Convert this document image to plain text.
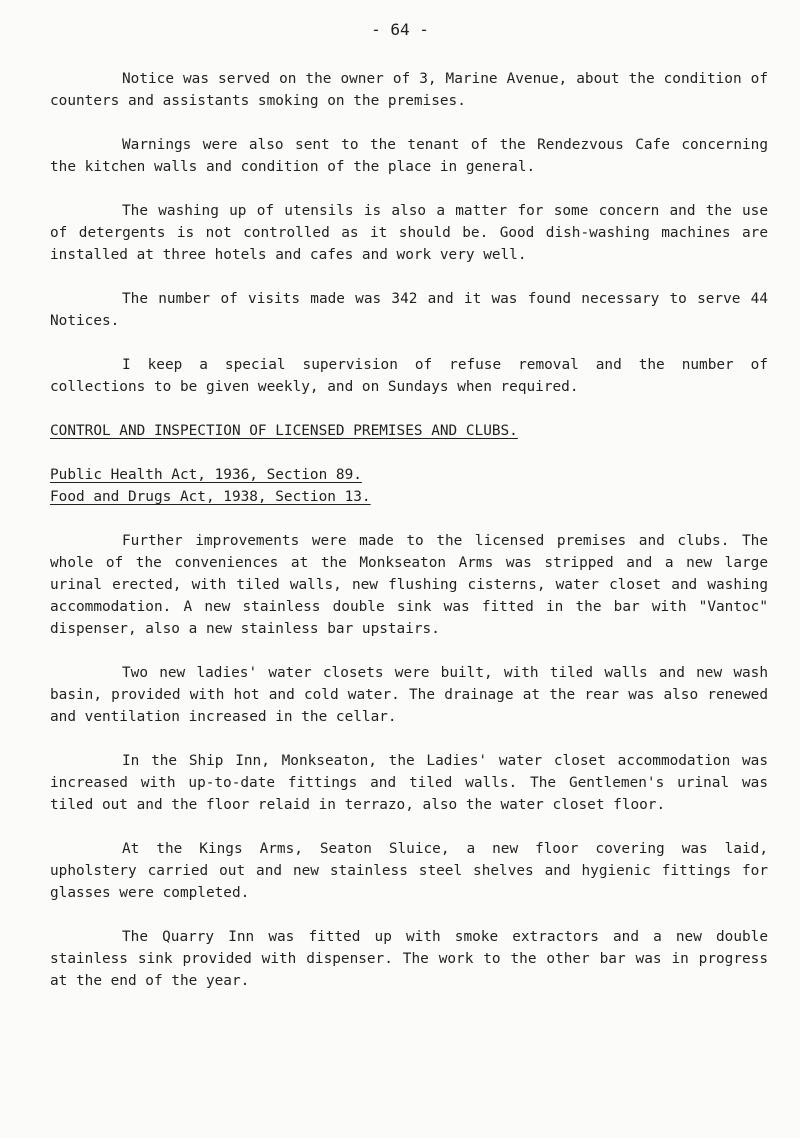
- 64 -

Notice was served on the owner of 3, Marine Avenue, about the condition of counters and assistants smoking on the premises.

Warnings were also sent to the tenant of the Rendezvous Cafe concerning the kitchen walls and condition of the place in general.

The washing up of utensils is also a matter for some concern and the use of detergents is not controlled as it should be. Good dish-washing machines are installed at three hotels and cafes and work very well.

The number of visits made was 342 and it was found necessary to serve 44 Notices.

I keep a special supervision of refuse removal and the number of collections to be given weekly, and on Sundays when required.

CONTROL AND INSPECTION OF LICENSED PREMISES AND CLUBS.
Public Health Act, 1936, Section 89.
Food and Drugs Act, 1938, Section 13.

Further improvements were made to the licensed premises and clubs. The whole of the conveniences at the Monkseaton Arms was stripped and a new large urinal erected, with tiled walls, new flushing cisterns, water closet and washing accommodation. A new stainless double sink was fitted in the bar with "Vantoc" dispenser, also a new stainless bar upstairs.

Two new ladies' water closets were built, with tiled walls and new wash basin, provided with hot and cold water. The drainage at the rear was also renewed and ventilation increased in the cellar.

In the Ship Inn, Monkseaton, the Ladies' water closet accommodation was increased with up-to-date fittings and tiled walls. The Gentlemen's urinal was tiled out and the floor relaid in terrazo, also the water closet floor.

At the Kings Arms, Seaton Sluice, a new floor covering was laid, upholstery carried out and new stainless steel shelves and hygienic fittings for glasses were completed.

The Quarry Inn was fitted up with smoke extractors and a new double stainless sink provided with dispenser. The work to the other bar was in progress at the end of the year.
